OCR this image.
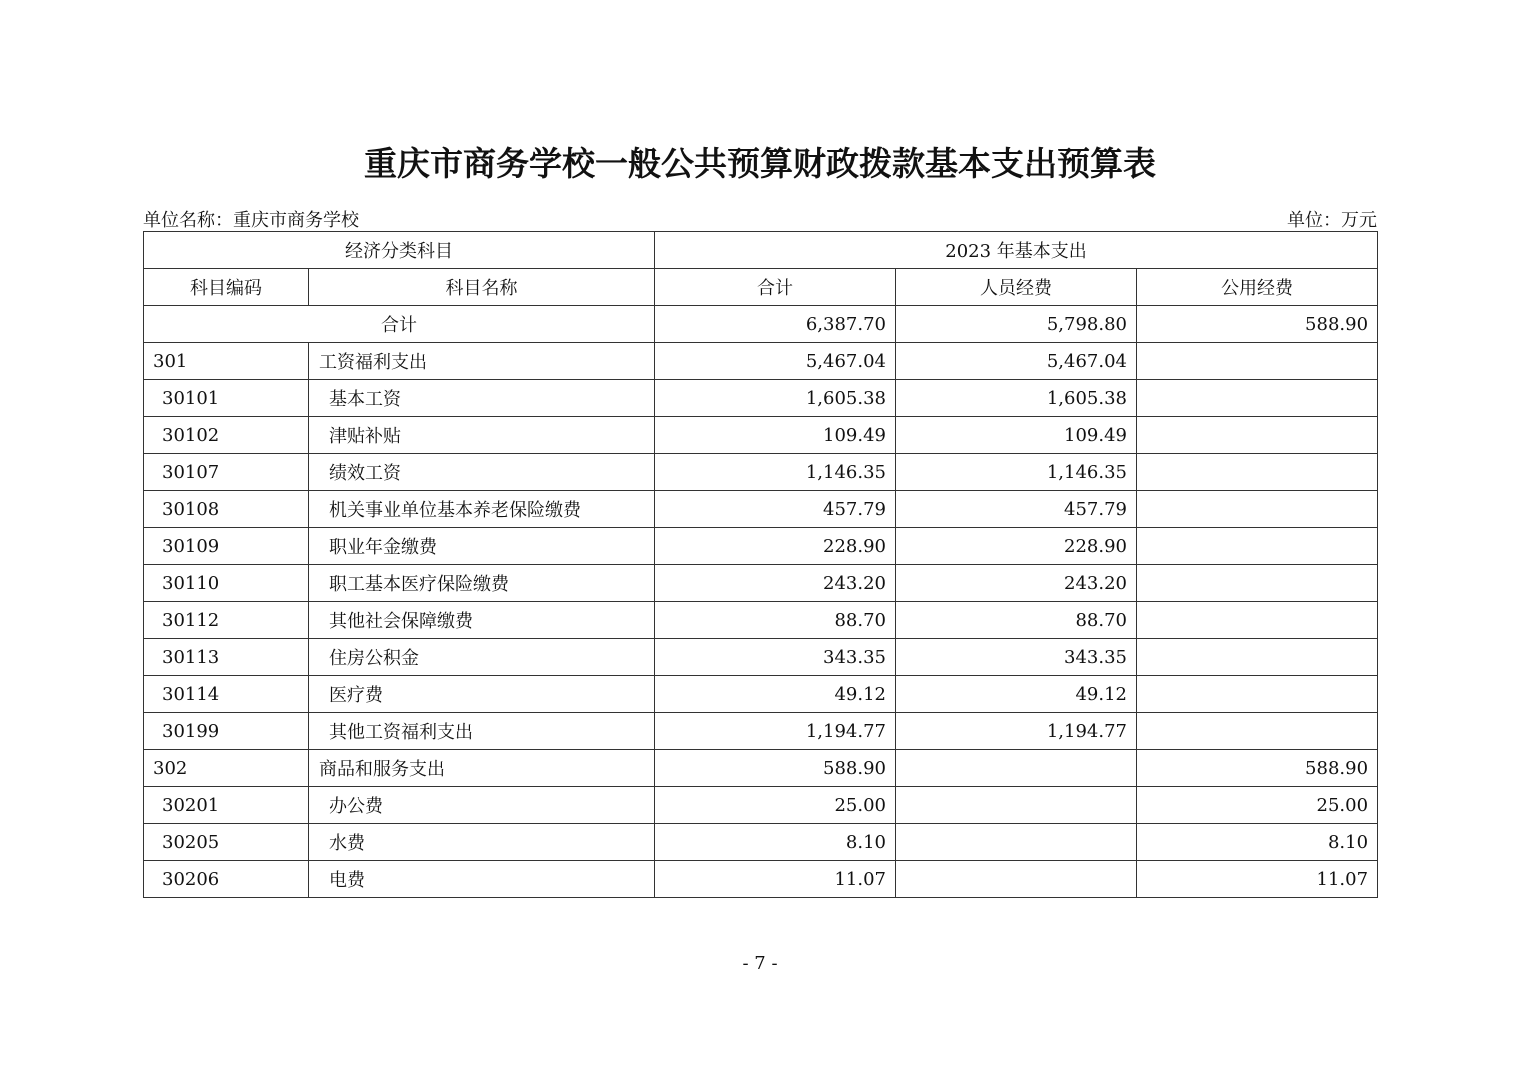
重庆市商务学校一般公共预算财政拨款基本支出预算表
单位名称：重庆市商务学校	单位：万元
经济分类科目		2023 年基本支出		
科目编码	科目名称	合计	人员经费	公用经费
合计		6,387.70	5,798.80	588.90
301	工资福利支出	5,467.04	5,467.04	
30101	基本工资	1,605.38	1,605.38	
30102	津贴补贴	109.49	109.49	
30107	绩效工资	1,146.35	1,146.35	
30108	机关事业单位基本养老保险缴费	457.79	457.79	
30109	职业年金缴费	228.90	228.90	
30110	职工基本医疗保险缴费	243.20	243.20	
30112	其他社会保障缴费	88.70	88.70	
30113	住房公积金	343.35	343.35	
30114	医疗费	49.12	49.12	
30199	其他工资福利支出	1,194.77	1,194.77	
302	商品和服务支出	588.90		588.90
30201	办公费	25.00		25.00
30205	水费	8.10		8.10
30206	电费	11.07		11.07
- 7 -
